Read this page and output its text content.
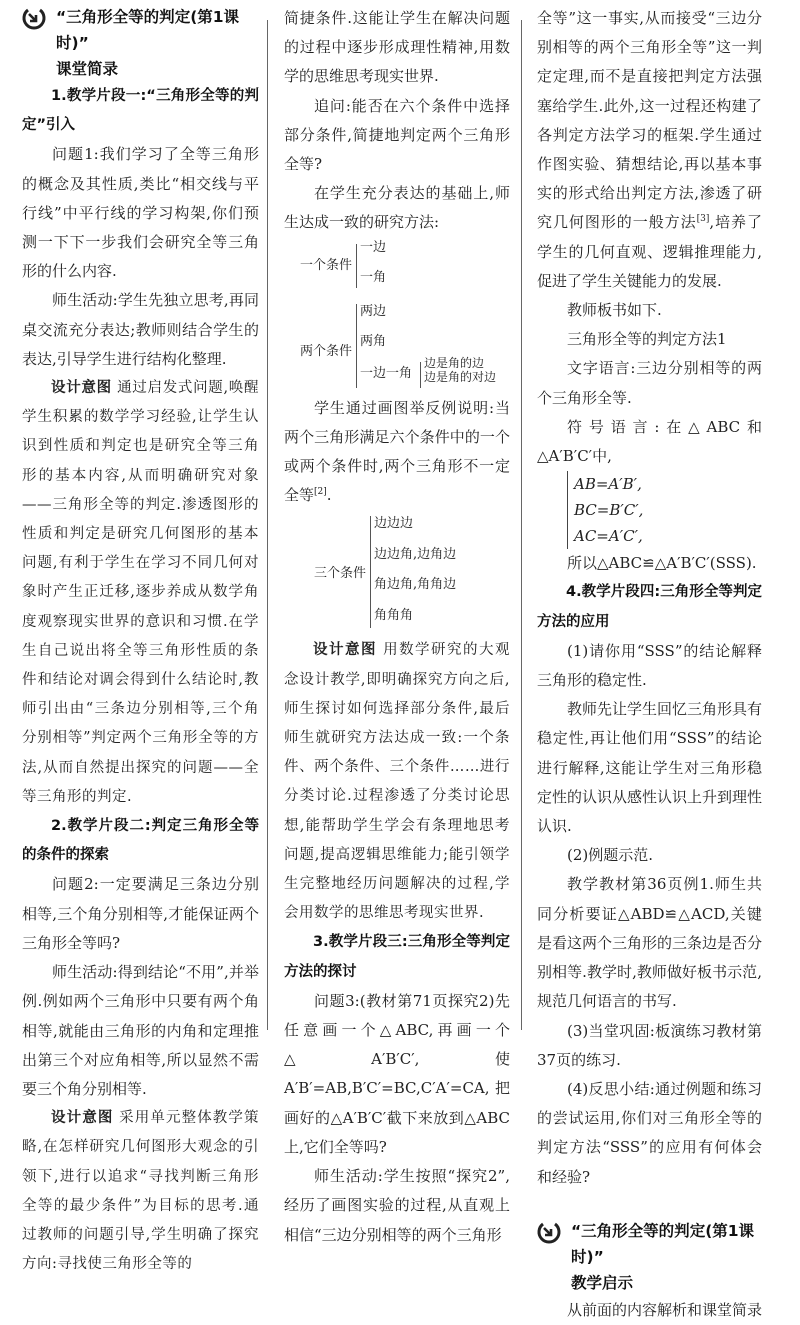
“三角形全等的判定(第1课时)”
课堂简录

1.教学片段一:“三角形全等的判定”引入

问题1:我们学习了全等三角形的概念及其性质,类比“相交线与平行线”中平行线的学习构架,你们预测一下下一步我们会研究全等三角形的什么内容.

师生活动:学生先独立思考,再同桌交流充分表达;教师则结合学生的表达,引导学生进行结构化整理.

设计意图 通过启发式问题,唤醒学生积累的数学学习经验,让学生认识到性质和判定也是研究全等三角形的基本内容,从而明确研究对象——三角形全等的判定.渗透图形的性质和判定是研究几何图形的基本问题,有利于学生在学习不同几何对象时产生正迁移,逐步养成从数学角度观察现实世界的意识和习惯.在学生自己说出将全等三角形性质的条件和结论对调会得到什么结论时,教师引出由“三条边分别相等,三个角分别相等”判定两个三角形全等的方法,从而自然提出探究的问题——全等三角形的判定.

2.教学片段二:判定三角形全等的条件的探索

问题2:一定要满足三条边分别相等,三个角分别相等,才能保证两个三角形全等吗?

师生活动:得到结论“不用”,并举例.例如两个三角形中只要有两个角相等,就能由三角形的内角和定理推出第三个对应角相等,所以显然不需要三个角分别相等.

设计意图 采用单元整体教学策略,在怎样研究几何图形大观念的引领下,进行以追求“寻找判断三角形全等的最少条件”为目标的思考.通过教师的问题引导,学生明确了探究方向:寻找使三角形全等的

简捷条件.这能让学生在解决问题的过程中逐步形成理性精神,用数学的思维思考现实世界.

追问:能否在六个条件中选择部分条件,简捷地判定两个三角形全等?

在学生充分表达的基础上,师生达成一致的研究方法:

一个条件
一边
一角
两个条件
两边
两角
一边一角
边是角的边
边是角的对边

学生通过画图举反例说明:当两个三角形满足六个条件中的一个或两个条件时,两个三角形不一定全等[2].

三个条件
边边边
边边角,边角边
角边角,角角边
角角角

设计意图 用数学研究的大观念设计教学,即明确探究方向之后,师生探讨如何选择部分条件,最后师生就研究方法达成一致:一个条件、两个条件、三个条件……进行分类讨论.过程渗透了分类讨论思想,能帮助学生学会有条理地思考问题,提高逻辑思维能力;能引领学生完整地经历问题解决的过程,学会用数学的思维思考现实世界.

3.教学片段三:三角形全等判定方法的探讨

问题3:(教材第71页探究2)先任意画一个△ABC,再画一个△A′B′C′,使A′B′=AB,B′C′=BC,C′A′=CA,把画好的△A′B′C′截下来放到△ABC上,它们全等吗?

师生活动:学生按照“探究2”,经历了画图实验的过程,从直观上相信“三边分别相等的两个三角形

全等”这一事实,从而接受“三边分别相等的两个三角形全等”这一判定定理,而不是直接把判定方法强塞给学生.此外,这一过程还构建了各判定方法学习的框架.学生通过作图实验、猜想结论,再以基本事实的形式给出判定方法,渗透了研究几何图形的一般方法[3],培养了学生的几何直观、逻辑推理能力,促进了学生关键能力的发展.

教师板书如下.

三角形全等的判定方法1

文字语言:三边分别相等的两个三角形全等.

符号语言:在△ABC和△A′B′C′中,

AB=A′B′,
BC=B′C′,
AC=A′C′,

所以△ABC≌△A′B′C′(SSS).

4.教学片段四:三角形全等判定方法的应用

(1)请你用“SSS”的结论解释三角形的稳定性.

教师先让学生回忆三角形具有稳定性,再让他们用“SSS”的结论进行解释,这能让学生对三角形稳定性的认识从感性认识上升到理性认识.

(2)例题示范.

教学教材第36页例1.师生共同分析要证△ABD≌△ACD,关键是看这两个三角形的三条边是否分别相等.教学时,教师做好板书示范,规范几何语言的书写.

(3)当堂巩固:板演练习教材第37页的练习.

(4)反思小结:通过例题和练习的尝试运用,你们对三角形全等的判定方法“SSS”的应用有何体会和经验?

“三角形全等的判定(第1课时)”
教学启示

从前面的内容解析和课堂简录
